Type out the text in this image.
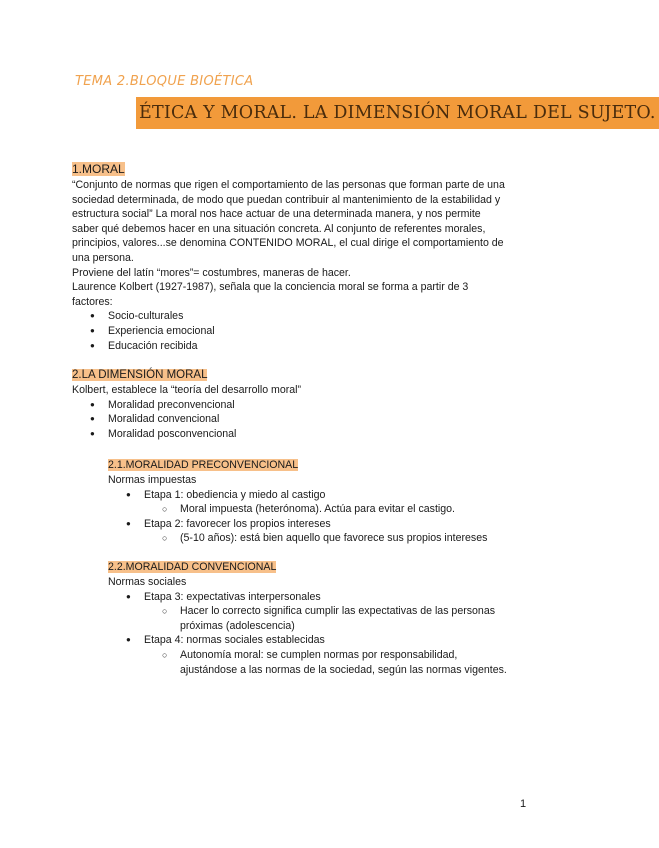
TEMA 2.BLOQUE BIOÉTICA
ÉTICA Y MORAL. LA DIMENSIÓN MORAL DEL SUJETO.
1.MORAL
“Conjunto de normas que rigen el comportamiento de las personas que forman parte de una
sociedad determinada, de modo que puedan contribuir al mantenimiento de la estabilidad y
estructura social” La moral nos hace actuar de una determinada manera, y nos permite
saber qué debemos hacer en una situación concreta. Al conjunto de referentes morales,
principios, valores...se denomina CONTENIDO MORAL, el cual dirige el comportamiento de
una persona.
Proviene del latín “mores”= costumbres, maneras de hacer.
Laurence Kolbert (1927-1987), señala que la conciencia moral se forma a partir de 3
factores:
● Socio-culturales
● Experiencia emocional
● Educación recibida
2.LA DIMENSIÓN MORAL
Kolbert, establece la “teoría del desarrollo moral”
● Moralidad preconvencional
● Moralidad convencional
● Moralidad posconvencional
2.1.MORALIDAD PRECONVENCIONAL
Normas impuestas
● Etapa 1: obediencia y miedo al castigo
○ Moral impuesta (heterónoma). Actúa para evitar el castigo.
● Etapa 2: favorecer los propios intereses
○ (5-10 años): está bien aquello que favorece sus propios intereses
2.2.MORALIDAD CONVENCIONAL
Normas sociales
● Etapa 3: expectativas interpersonales
○ Hacer lo correcto significa cumplir las expectativas de las personas
próximas (adolescencia)
● Etapa 4: normas sociales establecidas
○ Autonomía moral: se cumplen normas por responsabilidad,
ajustándose a las normas de la sociedad, según las normas vigentes.
1
